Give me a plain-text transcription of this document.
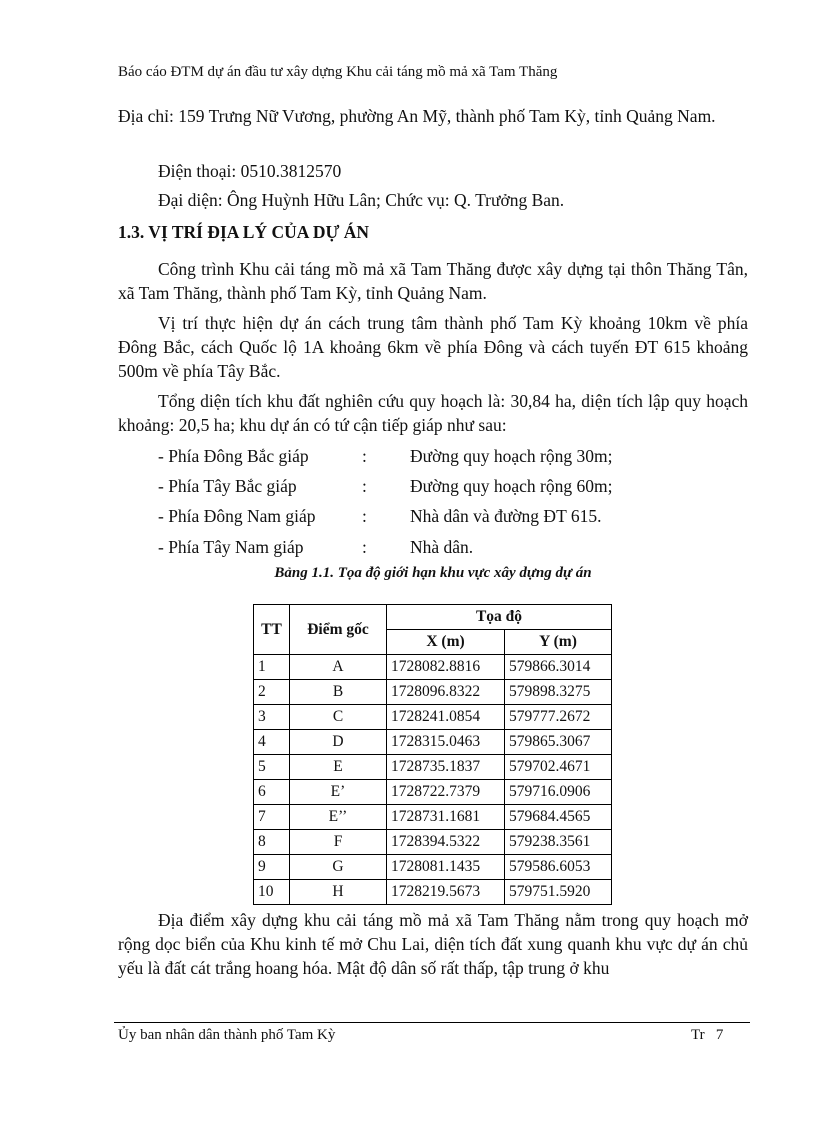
Báo cáo ĐTM dự án đầu tư xây dựng Khu cải táng mồ mả xã Tam Thăng
Địa chỉ: 159 Trưng Nữ Vương, phường An Mỹ, thành phố Tam Kỳ, tỉnh Quảng Nam.
Điện thoại: 0510.3812570
Đại diện: Ông Huỳnh Hữu Lân; Chức vụ: Q. Trưởng Ban.
1.3. VỊ TRÍ ĐỊA LÝ CỦA DỰ ÁN
Công trình Khu cải táng mồ mả xã Tam Thăng được xây dựng tại thôn Thăng Tân, xã Tam Thăng, thành phố Tam Kỳ, tỉnh Quảng Nam.
Vị trí thực hiện dự án cách trung tâm thành phố Tam Kỳ khoảng 10km về phía Đông Bắc, cách Quốc lộ 1A khoảng 6km về phía Đông và cách tuyến ĐT 615 khoảng 500m về phía Tây Bắc.
Tổng diện tích khu đất nghiên cứu quy hoạch là: 30,84 ha, diện tích lập quy hoạch khoảng: 20,5 ha; khu dự án có tứ cận tiếp giáp như sau:
- Phía Đông Bắc giáp	: Đường quy hoạch rộng 30m;
- Phía Tây Bắc giáp	: Đường quy hoạch rộng 60m;
- Phía Đông Nam giáp	: Nhà dân và đường ĐT 615.
- Phía Tây Nam giáp	: Nhà dân.
Bảng 1.1. Tọa độ giới hạn khu vực xây dựng dự án
TT	Điểm gốc	Tọa độ	
		X (m)	Y (m)
1	A	1728082.8816	579866.3014
2	B	1728096.8322	579898.3275
3	C	1728241.0854	579777.2672
4	D	1728315.0463	579865.3067
5	E	1728735.1837	579702.4671
6	E’	1728722.7379	579716.0906
7	E’’	1728731.1681	579684.4565
8	F	1728394.5322	579238.3561
9	G	1728081.1435	579586.6053
10	H	1728219.5673	579751.5920
Địa điểm xây dựng khu cải táng mồ mả xã Tam Thăng nằm trong quy hoạch mở rộng dọc biển của Khu kinh tế mở Chu Lai, diện tích đất xung quanh khu vực dự án chủ yếu là đất cát trắng hoang hóa. Mật độ dân số rất thấp, tập trung ở khu
Ủy ban nhân dân thành phố Tam Kỳ	Tr   7
